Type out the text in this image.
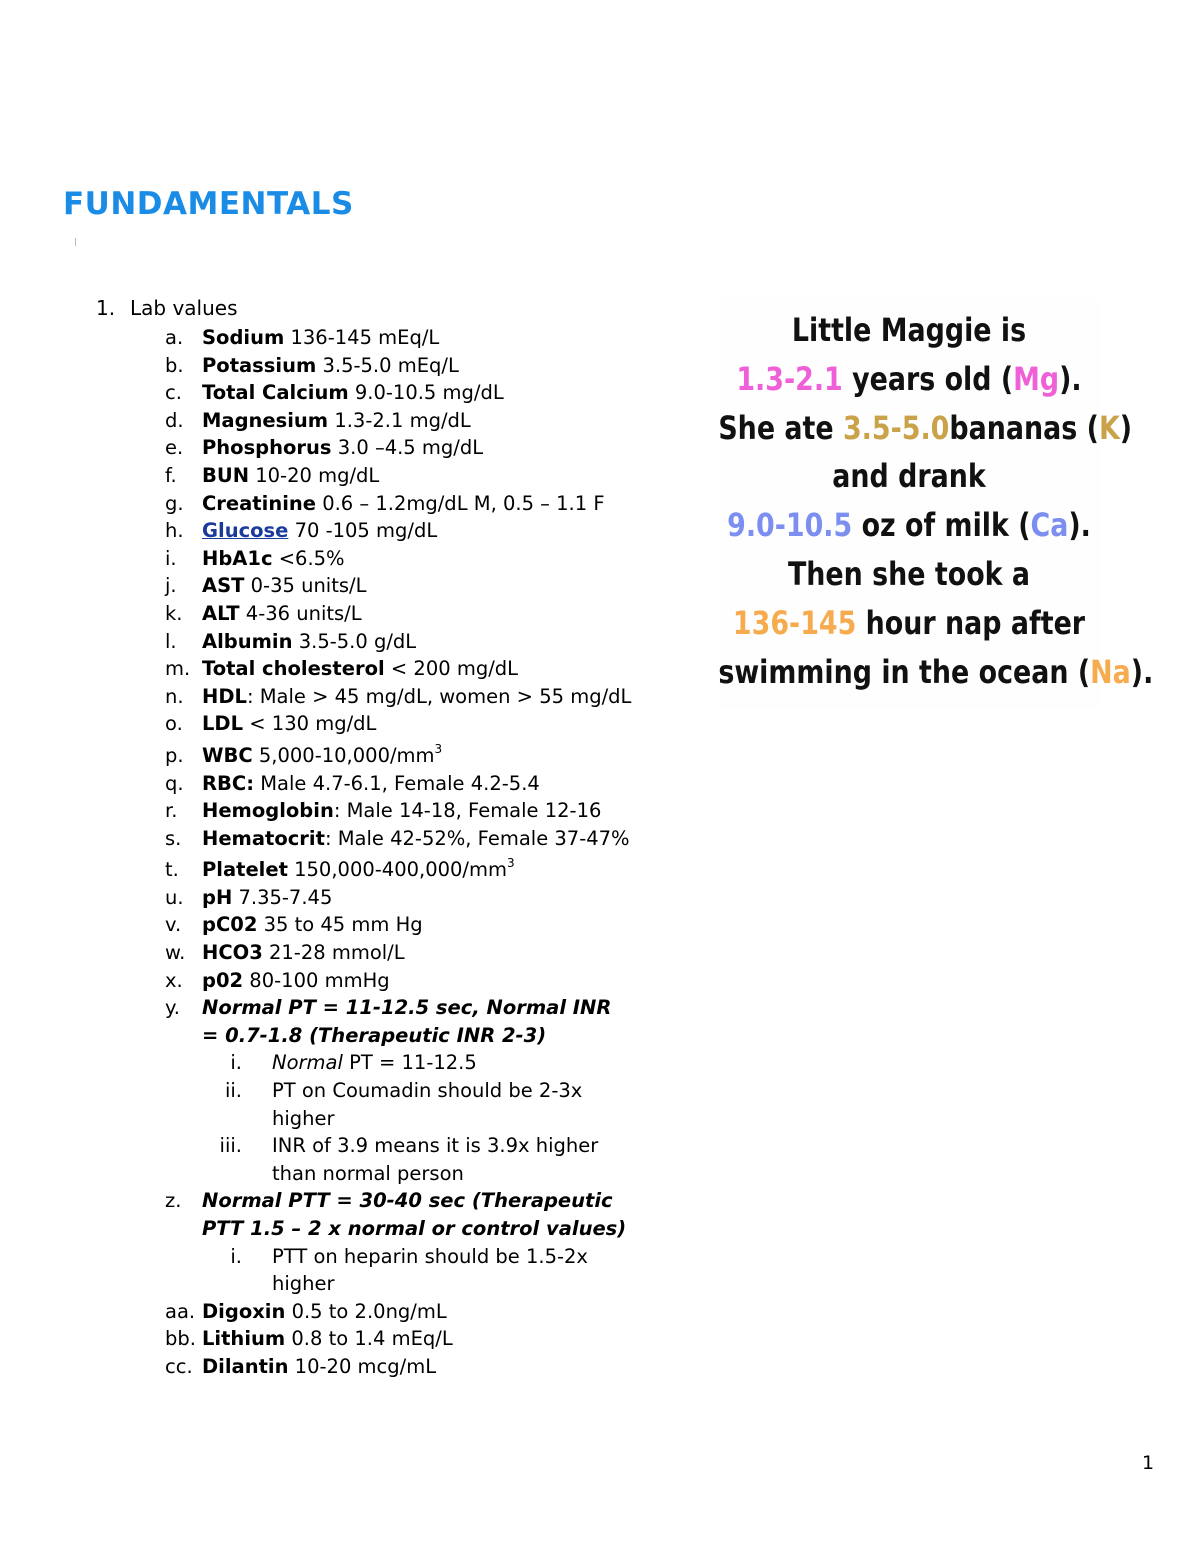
FUNDAMENTALS
1. Lab values
a. Sodium 136-145 mEq/L
b. Potassium 3.5-5.0 mEq/L
c. Total Calcium 9.0-10.5 mg/dL
d. Magnesium 1.3-2.1 mg/dL
e. Phosphorus 3.0 –4.5 mg/dL
f. BUN 10-20 mg/dL
g. Creatinine 0.6 – 1.2mg/dL M, 0.5 – 1.1 F
h. Glucose 70 -105 mg/dL
i. HbA1c <6.5%
j. AST 0-35 units/L
k. ALT 4-36 units/L
l. Albumin 3.5-5.0 g/dL
m. Total cholesterol < 200 mg/dL
n. HDL: Male > 45 mg/dL, women > 55 mg/dL
o. LDL < 130 mg/dL
p. WBC $5,000-10,000/mm^3$
q. RBC: Male 4.7-6.1, Female 4.2-5.4
r. Hemoglobin: Male 14-18, Female 12-16
s. Hematocrit: Male 42-52%, Female 37-47%
t. Platelet $150,000-400,000/mm^3$
u. pH 7.35-7.45
v. pC02 35 to 45 mm Hg
w. HCO3 21-28 mmol/L
x. p02 80-100 mmHg
y. Normal PT = 11-12.5 sec, Normal INR
= 0.7-1.8 (Therapeutic INR 2-3)
i. Normal PT = 11-12.5
ii. PT on Coumadin should be 2-3x
higher
iii. INR of 3.9 means it is 3.9x higher
than normal person
z. Normal PTT = 30-40 sec (Therapeutic
PTT 1.5 – 2 x normal or control values)
i. PTT on heparin should be 1.5-2x
higher
aa. Digoxin 0.5 to 2.0ng/mL
bb. Lithium 0.8 to 1.4 mEq/L
cc. Dilantin 10-20 mcg/mL
Little Maggie is
1.3-2.1 years old (Mg).
She ate 3.5-5.0bananas (K)
and drank
9.0-10.5 oz of milk (Ca).
Then she took a
136-145 hour nap after
swimming in the ocean (Na).
1
